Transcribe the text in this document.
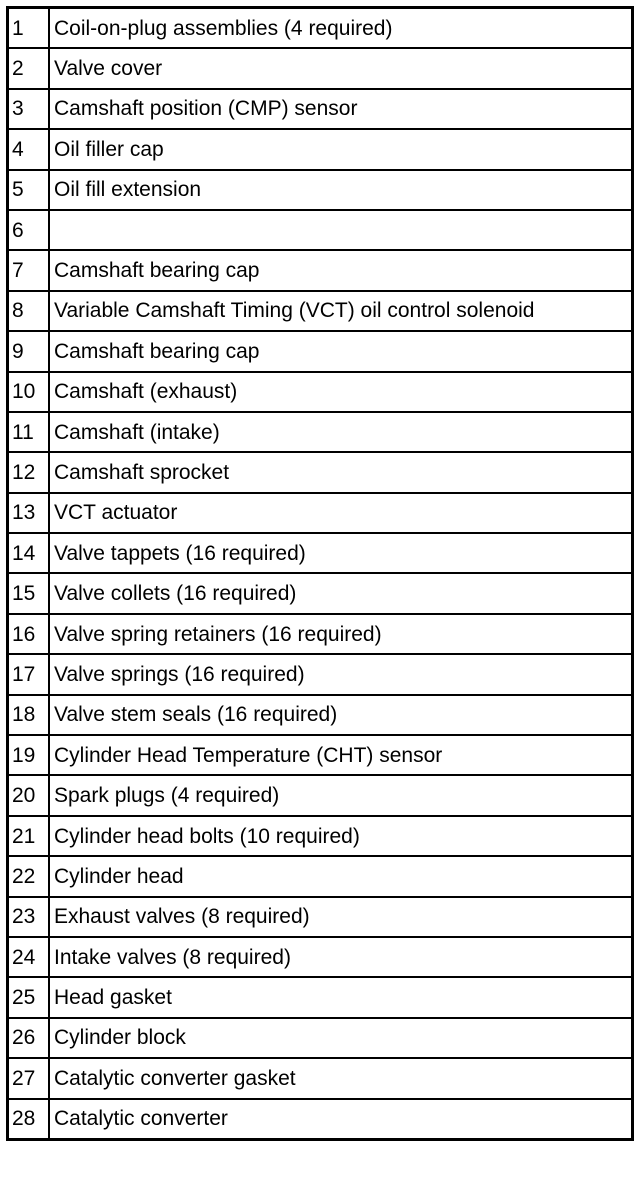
1	Coil-on-plug assemblies (4 required)
2	Valve cover
3	Camshaft position (CMP) sensor
4	Oil filler cap
5	Oil fill extension
6	
7	Camshaft bearing cap
8	Variable Camshaft Timing (VCT) oil control solenoid
9	Camshaft bearing cap
10	Camshaft (exhaust)
11	Camshaft (intake)
12	Camshaft sprocket
13	VCT actuator
14	Valve tappets (16 required)
15	Valve collets (16 required)
16	Valve spring retainers (16 required)
17	Valve springs (16 required)
18	Valve stem seals (16 required)
19	Cylinder Head Temperature (CHT) sensor
20	Spark plugs (4 required)
21	Cylinder head bolts (10 required)
22	Cylinder head
23	Exhaust valves (8 required)
24	Intake valves (8 required)
25	Head gasket
26	Cylinder block
27	Catalytic converter gasket
28	Catalytic converter
